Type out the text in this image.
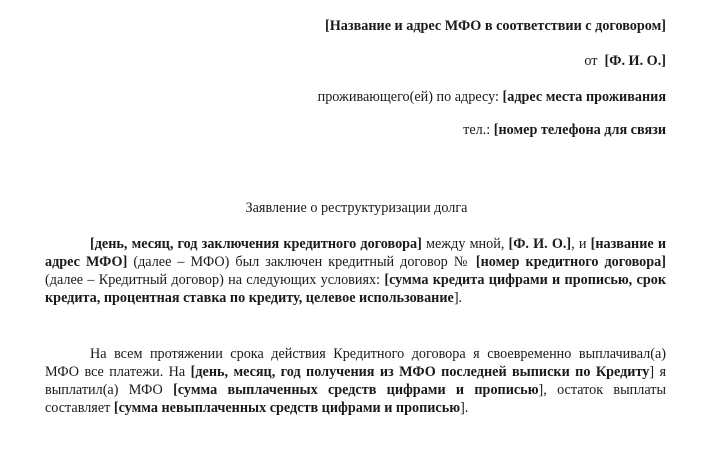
[Название и адрес МФО в соответствии с договором]
от [Ф. И. О.]
проживающего(ей) по адресу: [адрес места проживания
тел.: [номер телефона для связи
Заявление о реструктуризации долга

[день, месяц, год заключения кредитного договора] между мной, [Ф. И. О.], и [название и адрес МФО] (далее – МФО) был заключен кредитный договор № [номер кредитного договора] (далее – Кредитный договор) на следующих условиях: [сумма кредита цифрами и прописью, срок кредита, процентная ставка по кредиту, целевое использование].

На всем протяжении срока действия Кредитного договора я своевременно выплачивал(а) МФО все платежи. На [день, месяц, год получения из МФО последней выписки по Кредиту] я выплатил(а) МФО [сумма выплаченных средств цифрами и прописью], остаток выплаты составляет [сумма невыплаченных средств цифрами и прописью].
